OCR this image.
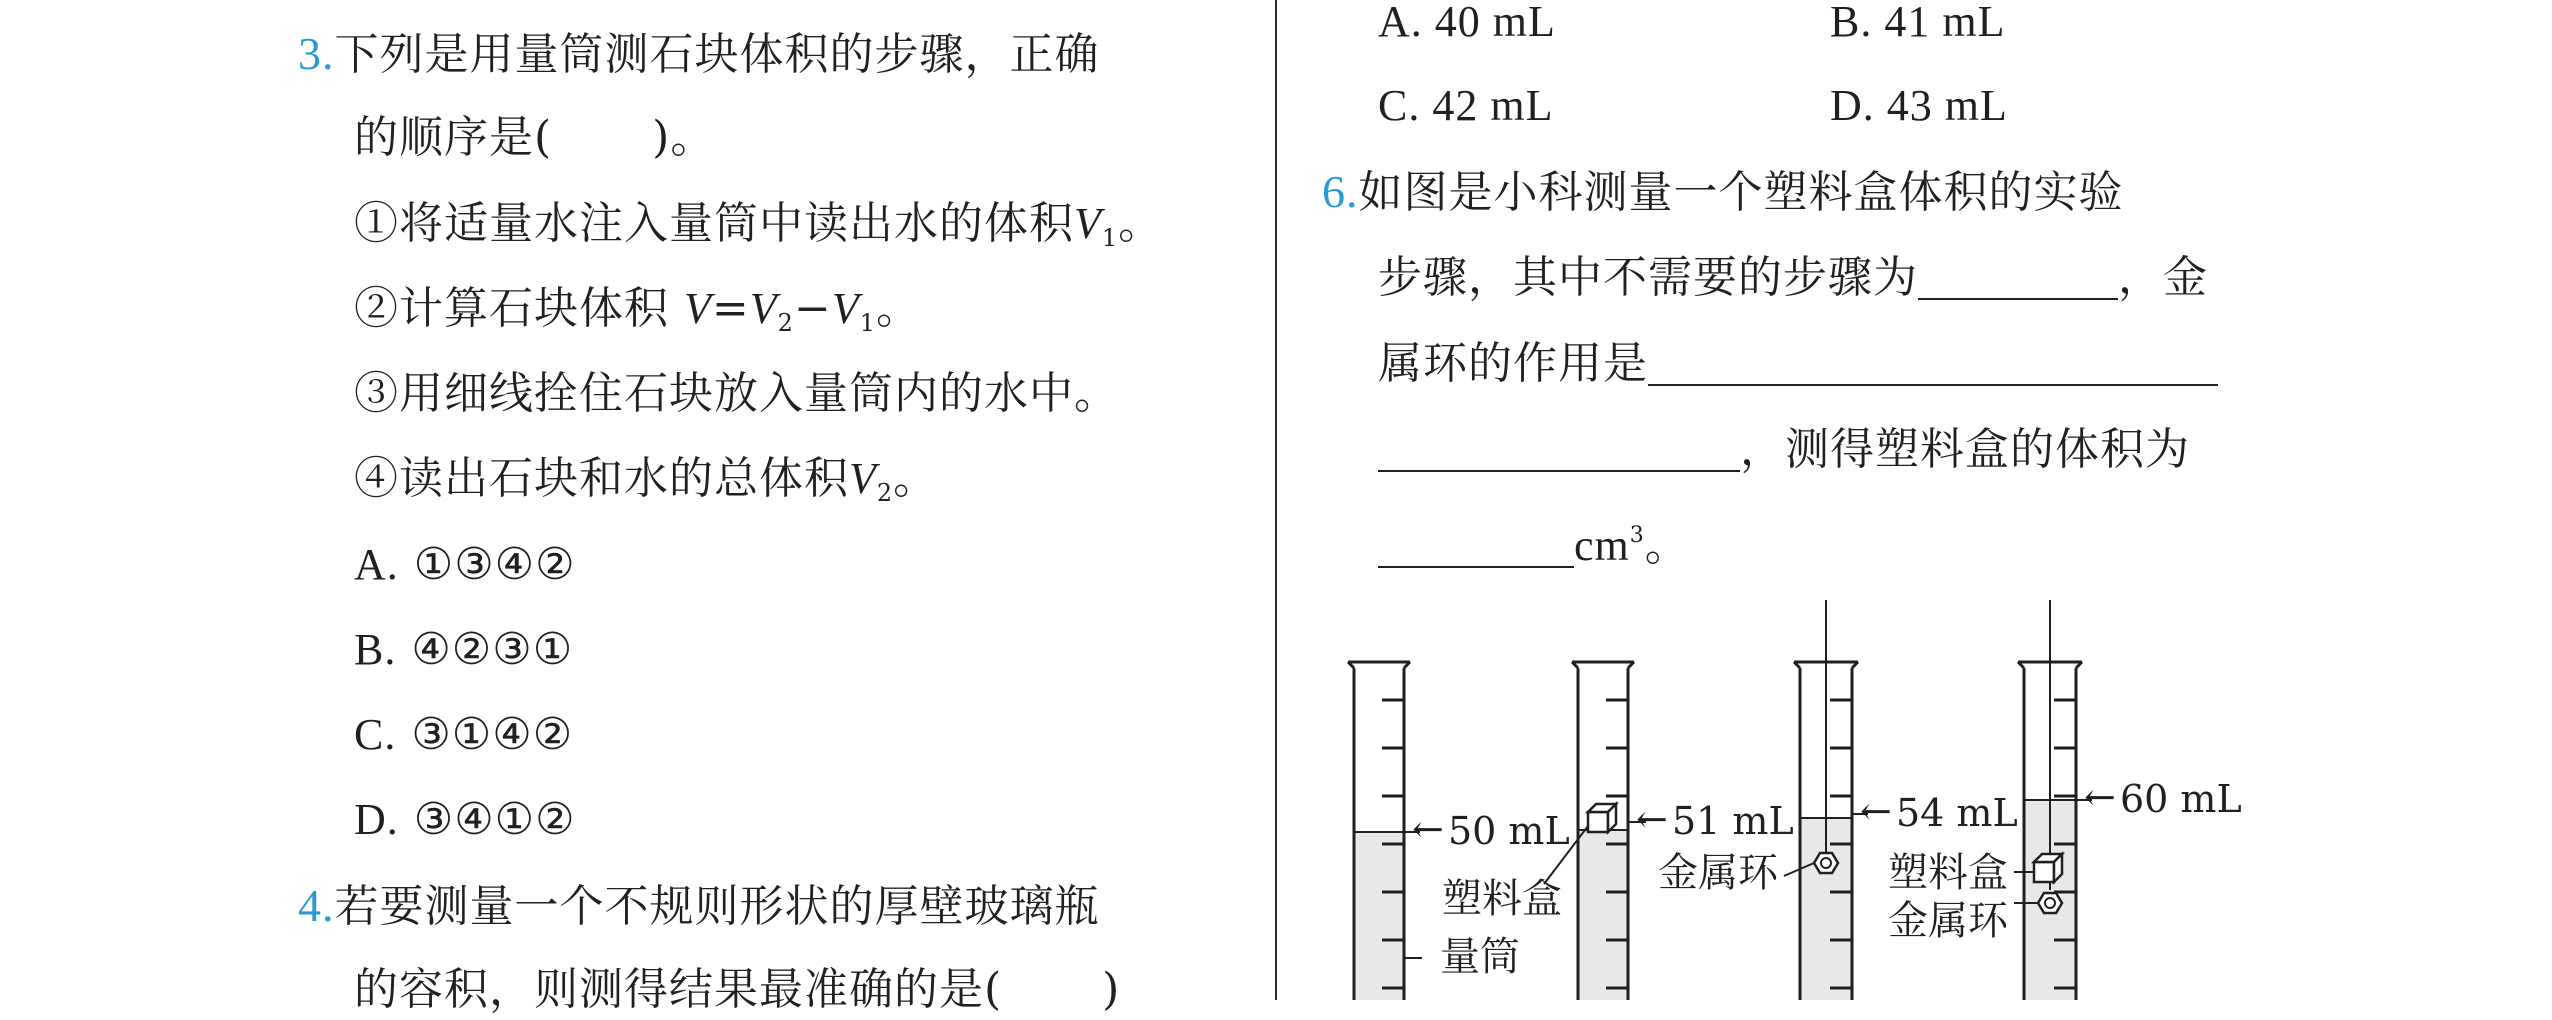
3.下列是用量筒测石块体积的步骤，正确
的顺序是( )。
①将适量水注入量筒中读出水的体积$V_1$。
②计算石块体积 $V=V_2-V_1$。
③用细线拴住石块放入量筒内的水中。
④读出石块和水的总体积$V_2$。
A. ①③④②
B. ④②③①
C. ③①④②
D. ③④①②
4.若要测量一个不规则形状的厚壁玻璃瓶
的容积，则测得结果最准确的是( )
A. 40 mL	B. 41 mL
C. 42 mL	D. 43 mL
6.如图是小科测量一个塑料盒体积的实验
步骤，其中不需要的步骤为	，金
属环的作用是
，测得塑料盒的体积为
$cm^3$。
← 50 mL
塑料盒
量筒
← 51 mL ← 54 mL
金属环
← 60 mL
塑料盒
金属环
